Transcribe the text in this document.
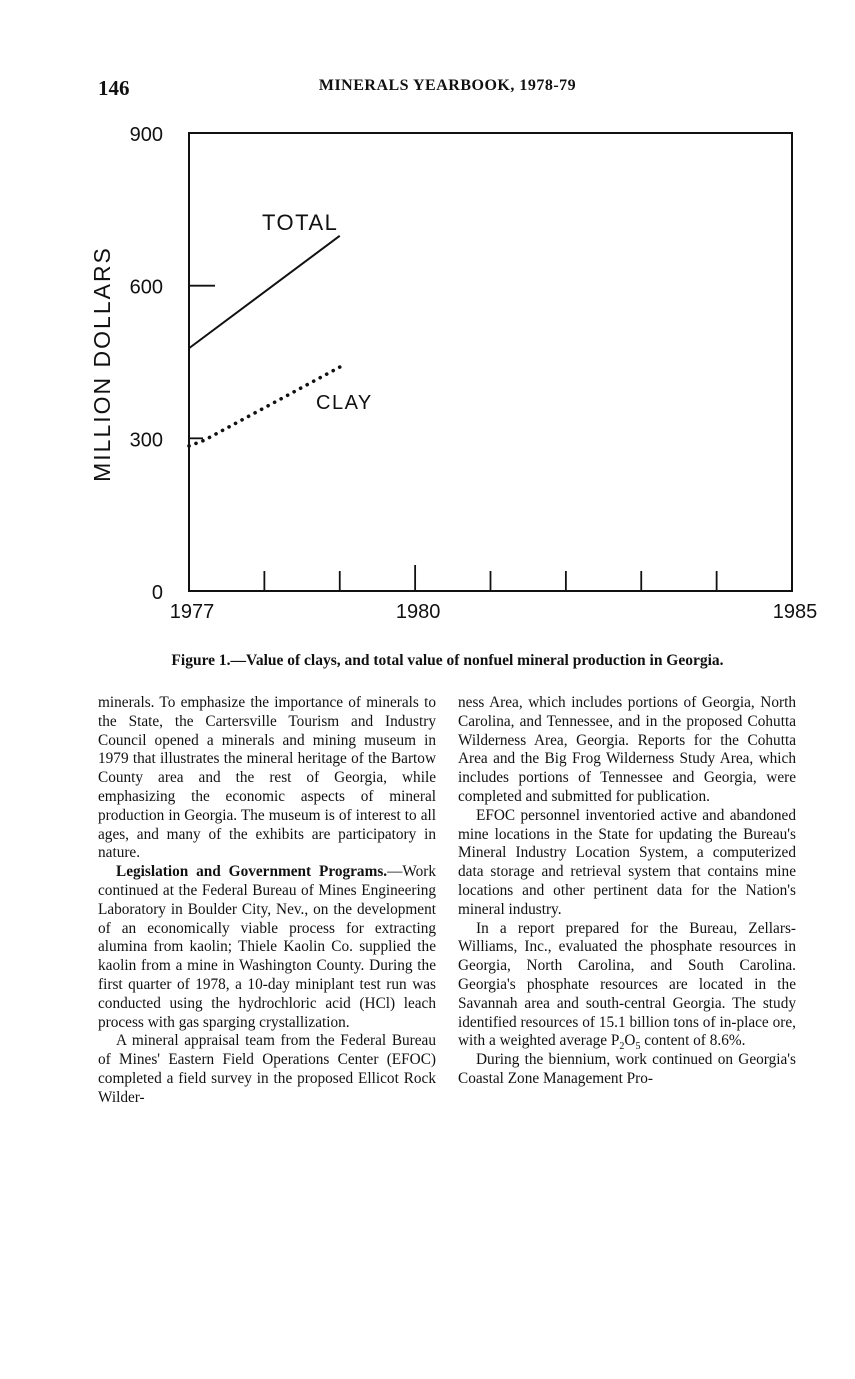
146	MINERALS YEARBOOK, 1978-79
0
300
600
900
1977	1980	1985
MILLION DOLLARS
TOTAL
CLAY
Figure 1.—Value of clays, and total value of nonfuel mineral production in Georgia.

minerals. To emphasize the importance of minerals to the State, the Cartersville Tourism and Industry Council opened a minerals and mining museum in 1979 that illustrates the mineral heritage of the Bartow County area and the rest of Georgia, while emphasizing the economic aspects of mineral production in Georgia. The museum is of interest to all ages, and many of the exhibits are participatory in nature.

Legislation and Government Programs.—Work continued at the Federal Bureau of Mines Engineering Laboratory in Boulder City, Nev., on the development of an economically viable process for extracting alumina from kaolin; Thiele Kaolin Co. supplied the kaolin from a mine in Washington County. During the first quarter of 1978, a 10-day miniplant test run was conducted using the hydrochloric acid (HCl) leach process with gas sparging crystallization.

A mineral appraisal team from the Federal Bureau of Mines' Eastern Field Operations Center (EFOC) completed a field survey in the proposed Ellicot Rock Wilder-

ness Area, which includes portions of Georgia, North Carolina, and Tennessee, and in the proposed Cohutta Wilderness Area, Georgia. Reports for the Cohutta Area and the Big Frog Wilderness Study Area, which includes portions of Tennessee and Georgia, were completed and submitted for publication.

EFOC personnel inventoried active and abandoned mine locations in the State for updating the Bureau's Mineral Industry Location System, a computerized data storage and retrieval system that contains mine locations and other pertinent data for the Nation's mineral industry.

In a report prepared for the Bureau, Zellars-Williams, Inc., evaluated the phosphate resources in Georgia, North Carolina, and South Carolina. Georgia's phosphate resources are located in the Savannah area and south-central Georgia. The study identified resources of 15.1 billion tons of in-place ore, with a weighted average $P_2O_5$ content of 8.6%.

During the biennium, work continued on Georgia's Coastal Zone Management Pro-
